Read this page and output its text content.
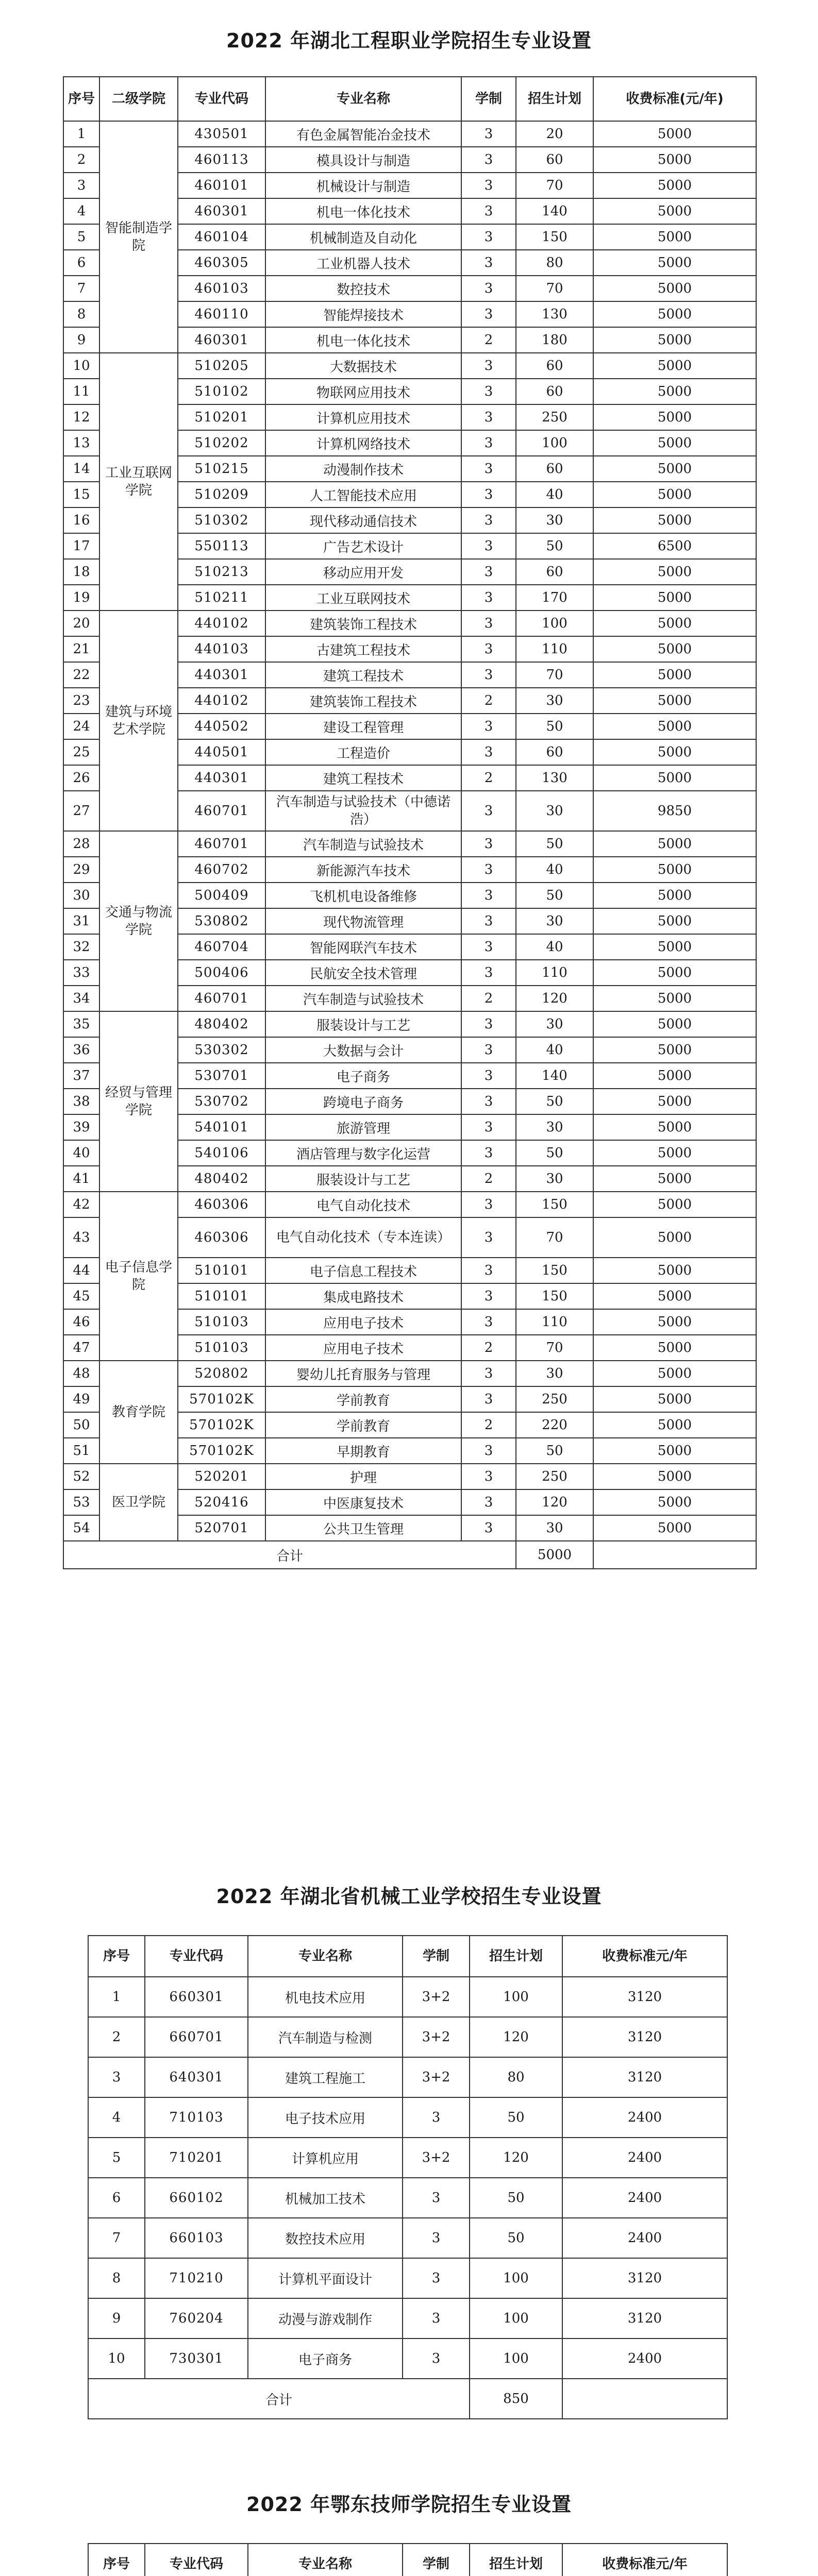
2022 年湖北工程职业学院招生专业设置
序号	二级学院	专业代码	专业名称	学制	招生计划	收费标准(元/年)
1	智能制造学院	430501	有色金属智能冶金技术	3	20	5000
2		460113	模具设计与制造	3	60	5000
3		460101	机械设计与制造	3	70	5000
4		460301	机电一体化技术	3	140	5000
5		460104	机械制造及自动化	3	150	5000
6		460305	工业机器人技术	3	80	5000
7		460103	数控技术	3	70	5000
8		460110	智能焊接技术	3	130	5000
9		460301	机电一体化技术	2	180	5000
10	工业互联网学院	510205	大数据技术	3	60	5000
11		510102	物联网应用技术	3	60	5000
12		510201	计算机应用技术	3	250	5000
13		510202	计算机网络技术	3	100	5000
14		510215	动漫制作技术	3	60	5000
15		510209	人工智能技术应用	3	40	5000
16		510302	现代移动通信技术	3	30	5000
17		550113	广告艺术设计	3	50	6500
18		510213	移动应用开发	3	60	5000
19		510211	工业互联网技术	3	170	5000
20	建筑与环境艺术学院	440102	建筑装饰工程技术	3	100	5000
21		440103	古建筑工程技术	3	110	5000
22		440301	建筑工程技术	3	70	5000
23		440102	建筑装饰工程技术	2	30	5000
24		440502	建设工程管理	3	50	5000
25		440501	工程造价	3	60	5000
26		440301	建筑工程技术	2	130	5000
27		460701	汽车制造与试验技术（中德诺浩）	3	30	9850
28	交通与物流学院	460701	汽车制造与试验技术	3	50	5000
29		460702	新能源汽车技术	3	40	5000
30		500409	飞机机电设备维修	3	50	5000
31		530802	现代物流管理	3	30	5000
32		460704	智能网联汽车技术	3	40	5000
33		500406	民航安全技术管理	3	110	5000
34		460701	汽车制造与试验技术	2	120	5000
35	经贸与管理学院	480402	服装设计与工艺	3	30	5000
36		530302	大数据与会计	3	40	5000
37		530701	电子商务	3	140	5000
38		530702	跨境电子商务	3	50	5000
39		540101	旅游管理	3	30	5000
40		540106	酒店管理与数字化运营	3	50	5000
41		480402	服装设计与工艺	2	30	5000
42	电子信息学院	460306	电气自动化技术	3	150	5000
43		460306	电气自动化技术（专本连读）	3	70	5000
44		510101	电子信息工程技术	3	150	5000
45		510101	集成电路技术	3	150	5000
46		510103	应用电子技术	3	110	5000
47		510103	应用电子技术	2	70	5000
48	教育学院	520802	婴幼儿托育服务与管理	3	30	5000
49		570102K	学前教育	3	250	5000
50		570102K	学前教育	2	220	5000
51		570102K	早期教育	3	50	5000
52	医卫学院	520201	护理	3	250	5000
53		520416	中医康复技术	3	120	5000
54		520701	公共卫生管理	3	30	5000
合计					5000	
2022 年湖北省机械工业学校招生专业设置
序号	专业代码	专业名称	学制	招生计划	收费标准元/年
1	660301	机电技术应用	3+2	100	3120
2	660701	汽车制造与检测	3+2	120	3120
3	640301	建筑工程施工	3+2	80	3120
4	710103	电子技术应用	3	50	2400
5	710201	计算机应用	3+2	120	2400
6	660102	机械加工技术	3	50	2400
7	660103	数控技术应用	3	50	2400
8	710210	计算机平面设计	3	100	3120
9	760204	动漫与游戏制作	3	100	3120
10	730301	电子商务	3	100	2400
合计				850	
2022 年鄂东技师学院招生专业设置
序号	专业代码	专业名称	学制	招生计划	收费标准元/年
